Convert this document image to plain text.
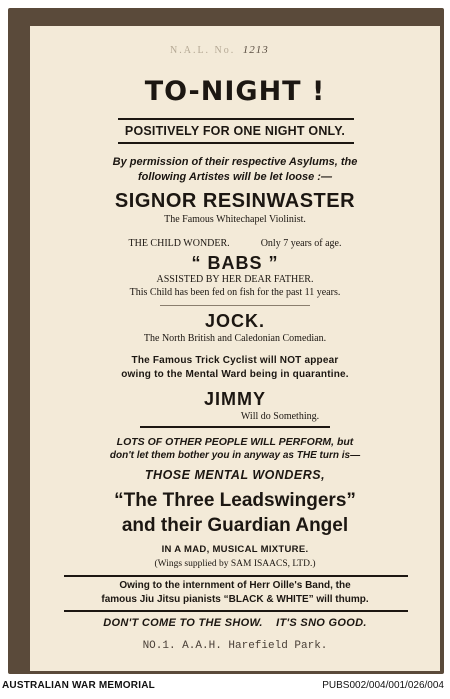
N.A.L. No. 1213
TO-NIGHT !
POSITIVELY FOR ONE NIGHT ONLY.
By permission of their respective Asylums, the
following Artistes will be let loose :—
SIGNOR RESINWASTER
The Famous Whitechapel Violinist.
THE CHILD WONDER.	Only 7 years of age.
“ BABS ”
ASSISTED BY HER DEAR FATHER.
This Child has been fed on fish for the past 11 years.
JOCK.
The North British and Caledonian Comedian.
The Famous Trick Cyclist will NOT appear
owing to the Mental Ward being in quarantine.
JIMMY
Will do Something.
LOTS OF OTHER PEOPLE WILL PERFORM, but
don't let them bother you in anyway as THE turn is—
THOSE MENTAL WONDERS,
“The Three Leadswingers”
and their Guardian Angel
IN A MAD, MUSICAL MIXTURE.
(Wings supplied by SAM ISAACS, LTD.)
Owing to the internment of Herr Oille's Band, the
famous Jiu Jitsu pianists “BLACK & WHITE” will thump.
DON'T COME TO THE SHOW.    IT'S SNO GOOD.
NO.1. A.A.H. Harefield Park.
AUSTRALIAN WAR MEMORIAL	PUBS002/004/001/026/004
